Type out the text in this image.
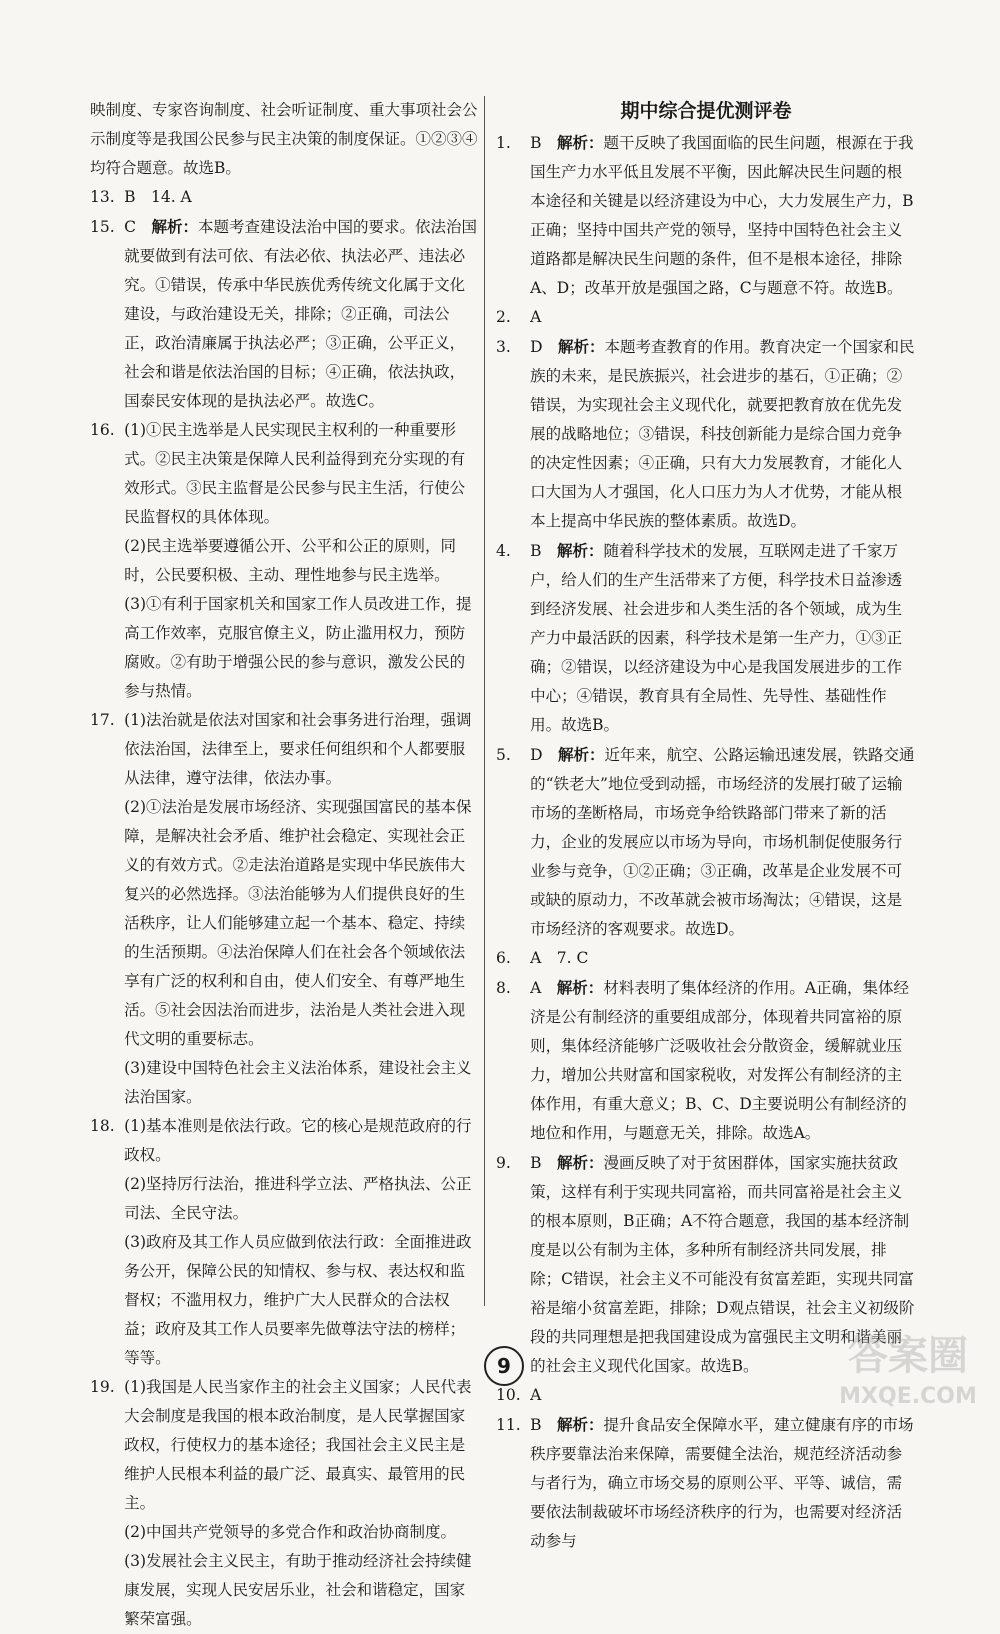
映制度、专家咨询制度、社会听证制度、重大事项社会公示制度等是我国公民参与民主决策的制度保证。①②③④均符合题意。故选B。

13. B　14. A

15. C　解析：本题考查建设法治中国的要求。依法治国就要做到有法可依、有法必依、执法必严、违法必究。①错误，传承中华民族优秀传统文化属于文化建设，与政治建设无关，排除；②正确，司法公正，政治清廉属于执法必严；③正确，公平正义，社会和谐是依法治国的目标；④正确，依法执政，国泰民安体现的是执法必严。故选C。

16. (1)①民主选举是人民实现民主权利的一种重要形式。②民主决策是保障人民利益得到充分实现的有效形式。③民主监督是公民参与民主生活，行使公民监督权的具体体现。

(2)民主选举要遵循公开、公平和公正的原则，同时，公民要积极、主动、理性地参与民主选举。

(3)①有利于国家机关和国家工作人员改进工作，提高工作效率，克服官僚主义，防止滥用权力，预防腐败。②有助于增强公民的参与意识，激发公民的参与热情。

17. (1)法治就是依法对国家和社会事务进行治理，强调依法治国，法律至上，要求任何组织和个人都要服从法律，遵守法律，依法办事。

(2)①法治是发展市场经济、实现强国富民的基本保障，是解决社会矛盾、维护社会稳定、实现社会正义的有效方式。②走法治道路是实现中华民族伟大复兴的必然选择。③法治能够为人们提供良好的生活秩序，让人们能够建立起一个基本、稳定、持续的生活预期。④法治保障人们在社会各个领域依法享有广泛的权利和自由，使人们安全、有尊严地生活。⑤社会因法治而进步，法治是人类社会进入现代文明的重要标志。

(3)建设中国特色社会主义法治体系，建设社会主义法治国家。

18. (1)基本准则是依法行政。它的核心是规范政府的行政权。

(2)坚持厉行法治，推进科学立法、严格执法、公正司法、全民守法。

(3)政府及其工作人员应做到依法行政：全面推进政务公开，保障公民的知情权、参与权、表达权和监督权；不滥用权力，维护广大人民群众的合法权益；政府及其工作人员要率先做尊法守法的榜样；等等。

19. (1)我国是人民当家作主的社会主义国家；人民代表大会制度是我国的根本政治制度，是人民掌握国家政权，行使权力的基本途径；我国社会主义民主是维护人民根本利益的最广泛、最真实、最管用的民主。

(2)中国共产党领导的多党合作和政治协商制度。

(3)发展社会主义民主，有助于推动经济社会持续健康发展，实现人民安居乐业，社会和谐稳定，国家繁荣富强。

期中综合提优测评卷

1. B　解析：题干反映了我国面临的民生问题，根源在于我国生产力水平低且发展不平衡，因此解决民生问题的根本途径和关键是以经济建设为中心，大力发展生产力，B正确；坚持中国共产党的领导，坚持中国特色社会主义道路都是解决民生问题的条件，但不是根本途径，排除A、D；改革开放是强国之路，C与题意不符。故选B。

2. A

3. D　解析：本题考查教育的作用。教育决定一个国家和民族的未来，是民族振兴，社会进步的基石，①正确；②错误，为实现社会主义现代化，就要把教育放在优先发展的战略地位；③错误，科技创新能力是综合国力竞争的决定性因素；④正确，只有大力发展教育，才能化人口大国为人才强国，化人口压力为人才优势，才能从根本上提高中华民族的整体素质。故选D。

4. B　解析：随着科学技术的发展，互联网走进了千家万户，给人们的生产生活带来了方便，科学技术日益渗透到经济发展、社会进步和人类生活的各个领域，成为生产力中最活跃的因素，科学技术是第一生产力，①③正确；②错误，以经济建设为中心是我国发展进步的工作中心；④错误，教育具有全局性、先导性、基础性作用。故选B。

5. D　解析：近年来，航空、公路运输迅速发展，铁路交通的“铁老大”地位受到动摇，市场经济的发展打破了运输市场的垄断格局，市场竞争给铁路部门带来了新的活力，企业的发展应以市场为导向，市场机制促使服务行业参与竞争，①②正确；③正确，改革是企业发展不可或缺的原动力，不改革就会被市场淘汰；④错误，这是市场经济的客观要求。故选D。

6. A　7. C

8. A　解析：材料表明了集体经济的作用。A正确，集体经济是公有制经济的重要组成部分，体现着共同富裕的原则，集体经济能够广泛吸收社会分散资金，缓解就业压力，增加公共财富和国家税收，对发挥公有制经济的主体作用，有重大意义；B、C、D主要说明公有制经济的地位和作用，与题意无关，排除。故选A。

9. B　解析：漫画反映了对于贫困群体，国家实施扶贫政策，这样有利于实现共同富裕，而共同富裕是社会主义的根本原则，B正确；A不符合题意，我国的基本经济制度是以公有制为主体，多种所有制经济共同发展，排除；C错误，社会主义不可能没有贫富差距，实现共同富裕是缩小贫富差距，排除；D观点错误，社会主义初级阶段的共同理想是把我国建设成为富强民主文明和谐美丽的社会主义现代化国家。故选B。

10. A

11. B　解析：提升食品安全保障水平，建立健康有序的市场秩序要靠法治来保障，需要健全法治，规范经济活动参与者行为，确立市场交易的原则公平、平等、诚信，需要依法制裁破坏市场经济秩序的行为，也需要对经济活动参与

9	答案圈
MXQE.COM
